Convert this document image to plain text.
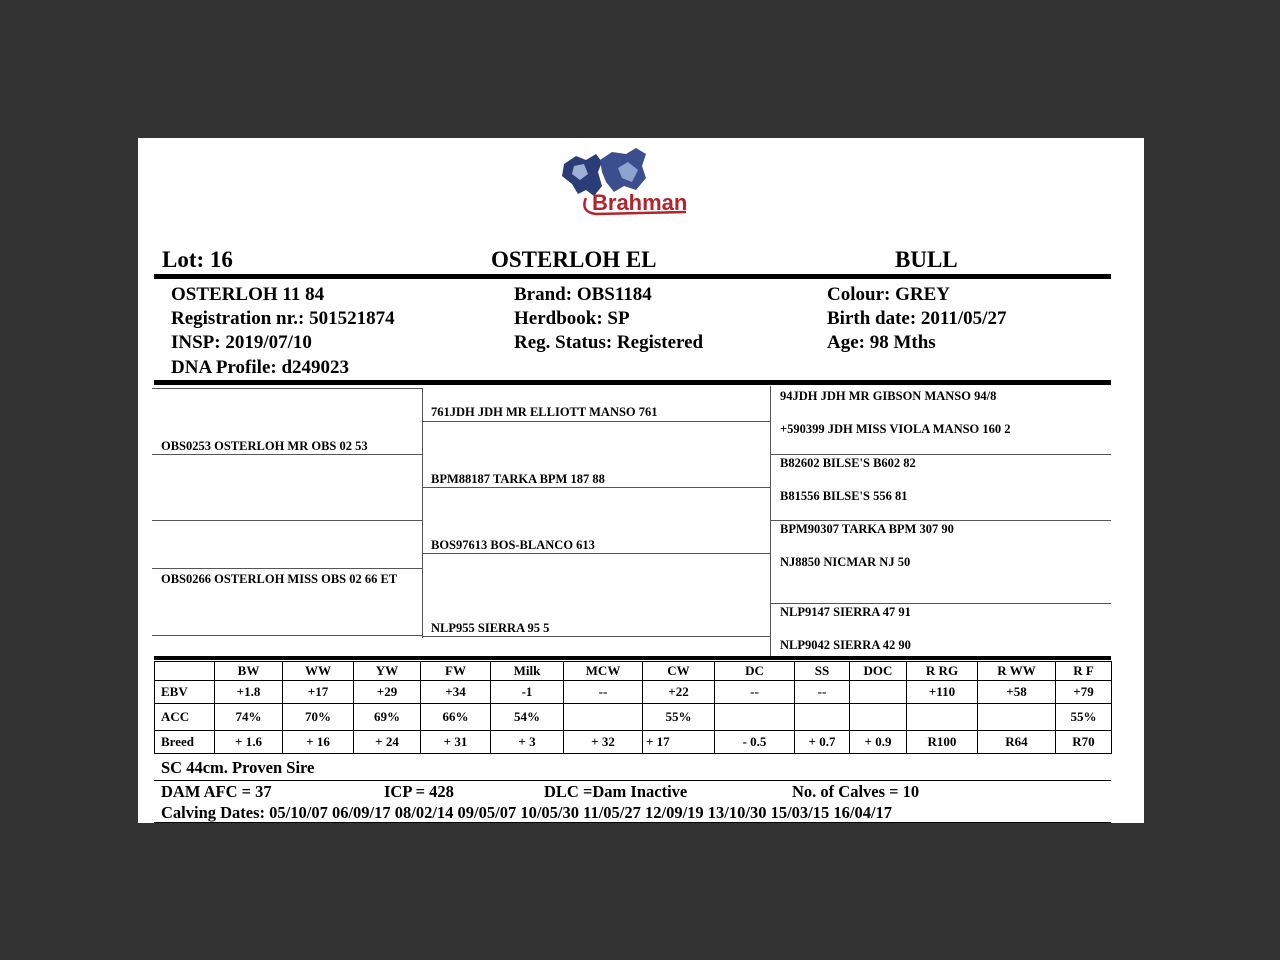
Brahman
Lot: 16	OSTERLOH EL	BULL
OSTERLOH 11 84
Registration nr.: 501521874
INSP: 2019/07/10
DNA Profile: d249023
Brand: OBS1184
Herdbook: SP
Reg. Status: Registered
Colour: GREY
Birth date: 2011/05/27
Age: 98 Mths
OBS0253 OSTERLOH MR OBS 02 53
OBS0266 OSTERLOH MISS OBS 02 66 ET
761JDH JDH MR ELLIOTT MANSO 761
BPM88187 TARKA BPM 187 88
BOS97613 BOS-BLANCO 613
NLP955 SIERRA 95 5
94JDH JDH MR GIBSON MANSO 94/8
+590399 JDH MISS VIOLA MANSO 160 2
B82602 BILSE'S B602 82
B81556 BILSE'S 556 81
BPM90307 TARKA BPM 307 90
NJ8850 NICMAR NJ 50
NLP9147 SIERRA 47 91
NLP9042 SIERRA 42 90
	BW	WW	YW	FW	Milk	MCW	CW	DC	SS	DOC	R RG	R WW	R F
EBV	+1.8	+17	+29	+34	-1	--	+22	--	--		+110	+58	+79
ACC	74%	70%	69%	66%	54%		55%						55%
Breed	+ 1.6	+ 16	+ 24	+ 31	+ 3	+ 32	+ 17	- 0.5	+ 0.7	+ 0.9	R100	R64	R70
SC 44cm. Proven Sire
DAM AFC = 37	ICP = 428	DLC =Dam Inactive	No. of Calves = 10
Calving Dates: 05/10/07 06/09/17 08/02/14 09/05/07 10/05/30 11/05/27 12/09/19 13/10/30 15/03/15 16/04/17
